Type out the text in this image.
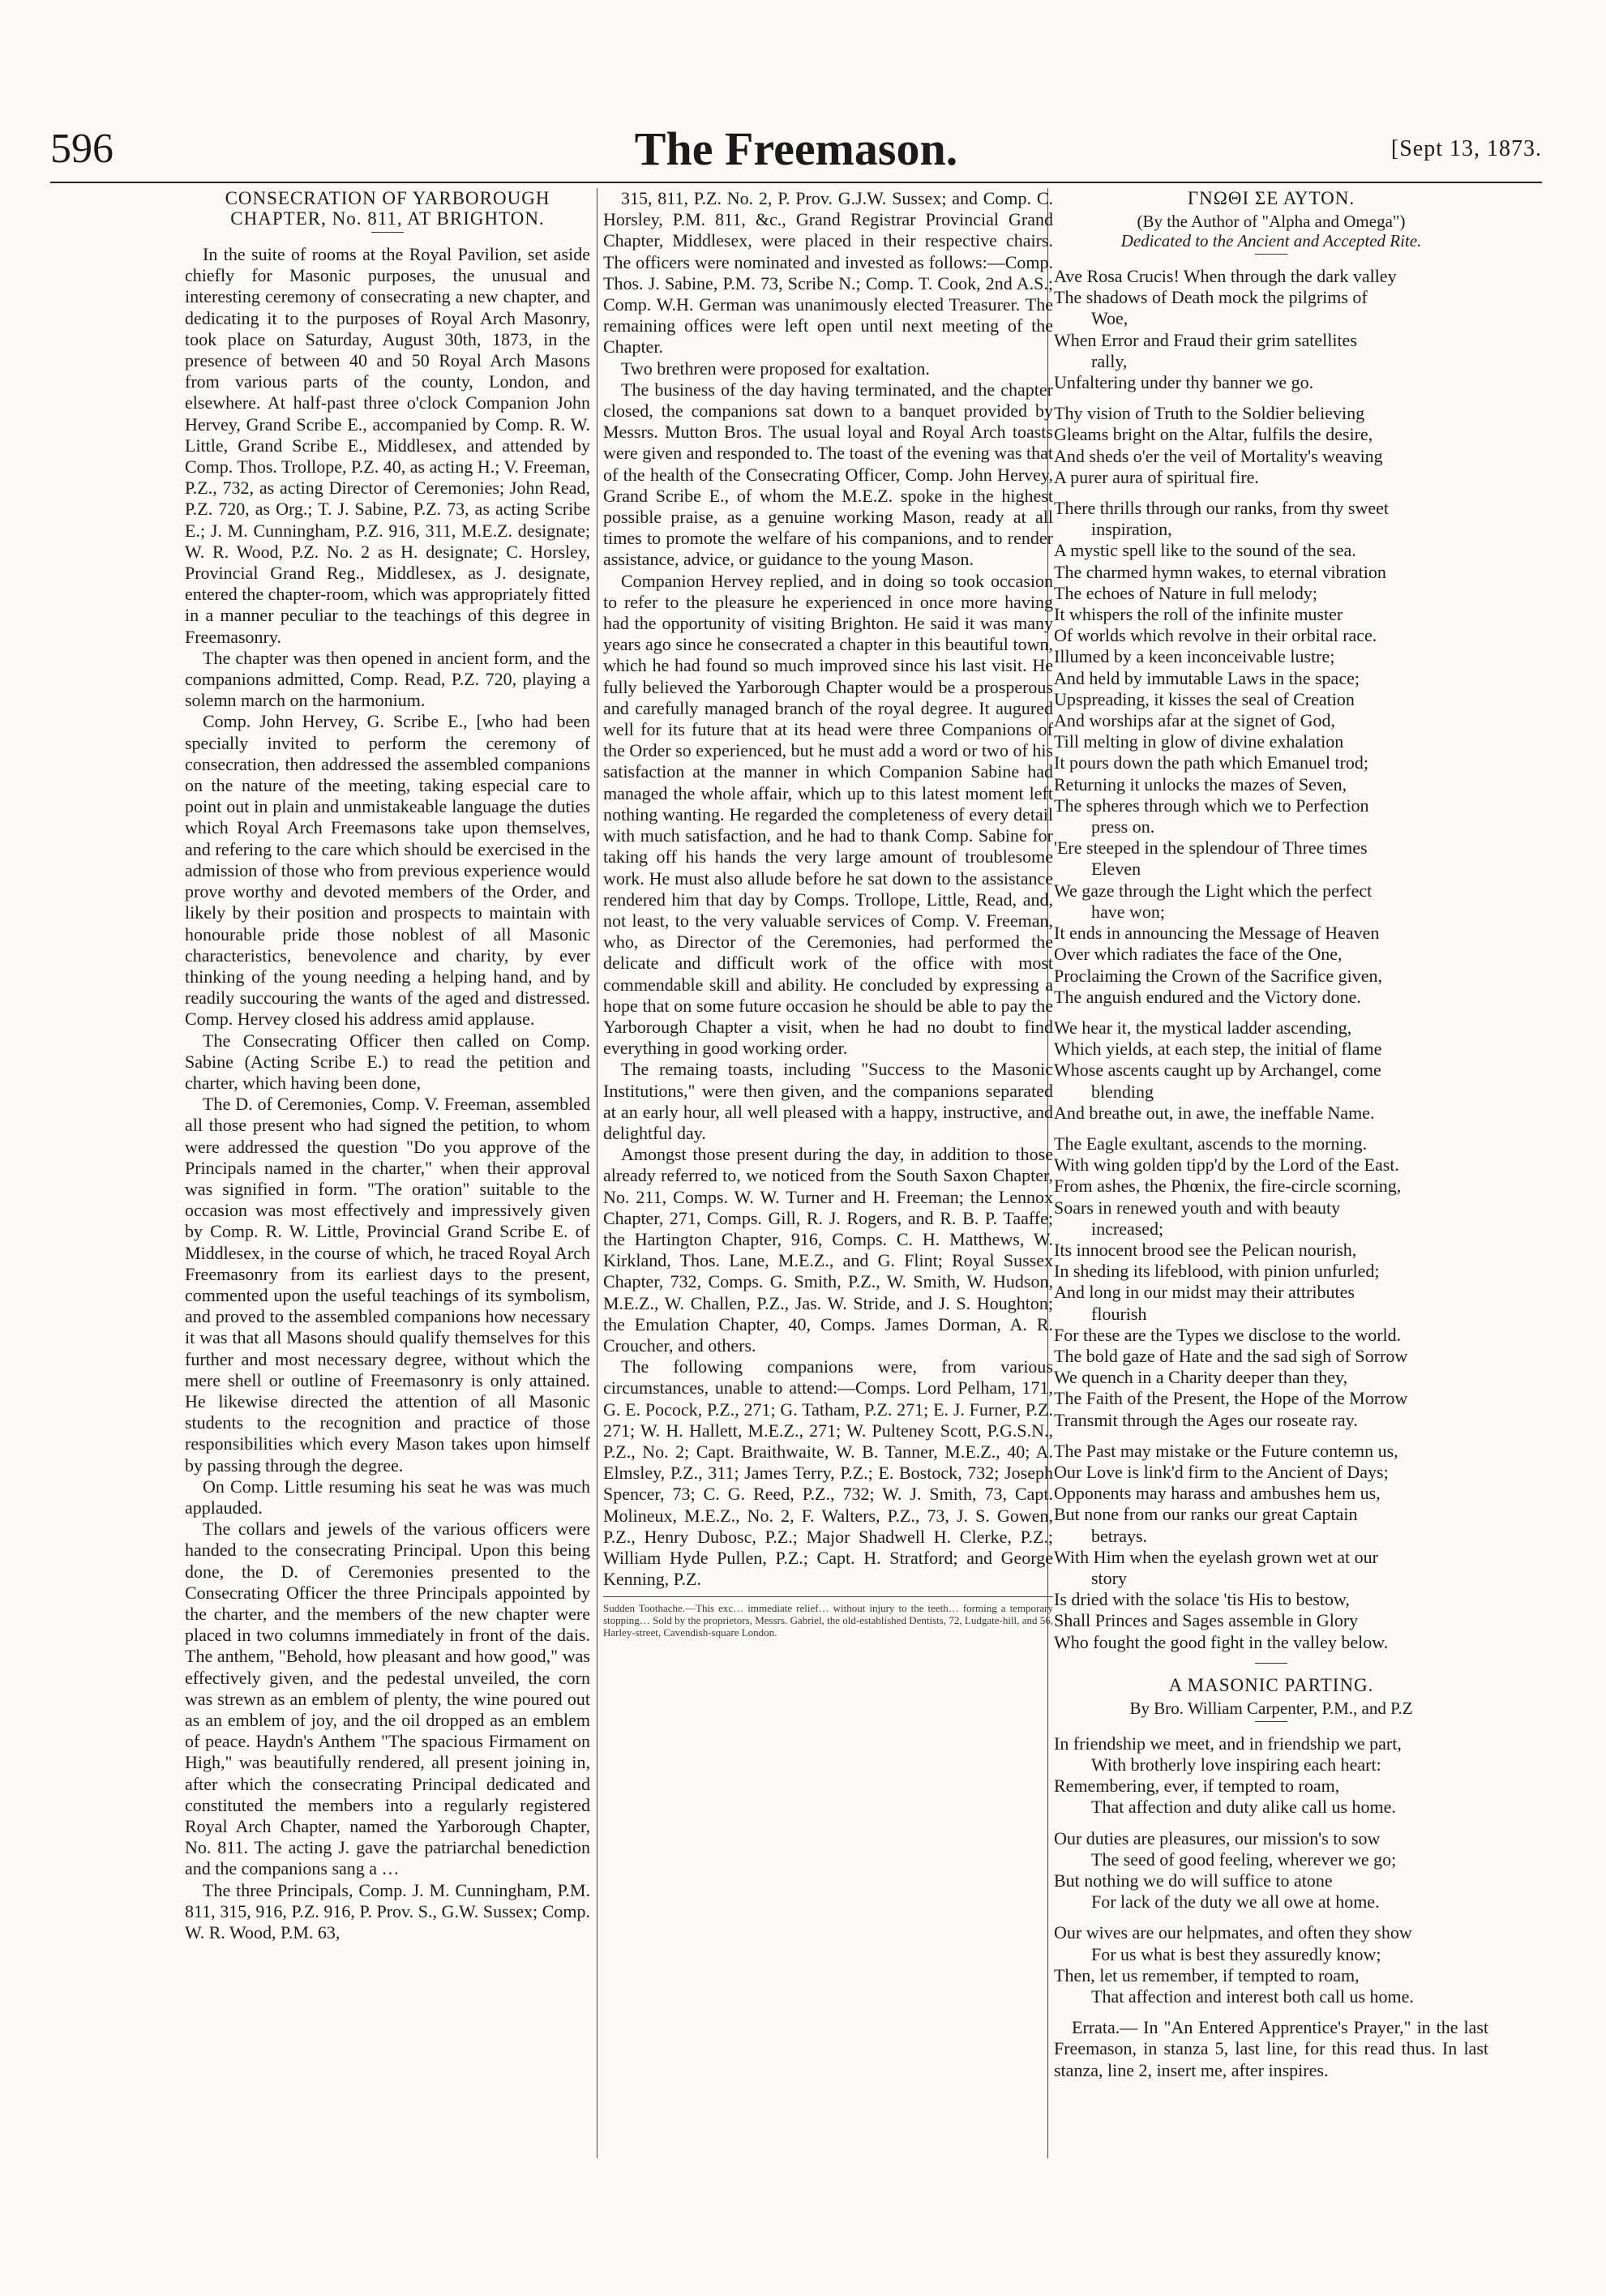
596	The Freemason.	[Sept 13, 1873.
CONSECRATION OF YARBOROUGH CHAPTER, No. 811, AT BRIGHTON.

In the suite of rooms at the Royal Pavilion, set aside chiefly for Masonic purposes, the unusual and interesting ceremony of consecrating a new chapter, and dedicating it to the purposes of Royal Arch Masonry, took place on Saturday, August 30th, 1873, in the presence of between 40 and 50 Royal Arch Masons from various parts of the county, London, and elsewhere. At half-past three o'clock Companion John Hervey, Grand Scribe E., accompanied by Comp. R. W. Little, Grand Scribe E., Middlesex, and attended by Comp. Thos. Trollope, P.Z. 40, as acting H.; V. Freeman, P.Z., 732, as acting Director of Ceremonies; John Read, P.Z. 720, as Org.; T. J. Sabine, P.Z. 73, as acting Scribe E.; J. M. Cunningham, P.Z. 916, 311, M.E.Z. designate; W. R. Wood, P.Z. No. 2 as H. designate; C. Horsley, Provincial Grand Reg., Middlesex, as J. designate, entered the chapter-room, which was appropriately fitted in a manner peculiar to the teachings of this degree in Freemasonry.

The chapter was then opened in ancient form, and the companions admitted, Comp. Read, P.Z. 720, playing a solemn march on the harmonium.

Comp. John Hervey, G. Scribe E., [who had been specially invited to perform the ceremony of consecration, then addressed the assembled companions on the nature of the meeting, taking especial care to point out in plain and unmistakeable language the duties which Royal Arch Freemasons take upon themselves, and refering to the care which should be exercised in the admission of those who from previous experience would prove worthy and devoted members of the Order, and likely by their position and prospects to maintain with honourable pride those noblest of all Masonic characteristics, benevolence and charity, by ever thinking of the young needing a helping hand, and by readily succouring the wants of the aged and distressed. Comp. Hervey closed his address amid applause.

The Consecrating Officer then called on Comp. Sabine (Acting Scribe E.) to read the petition and charter, which having been done,

The D. of Ceremonies, Comp. V. Freeman, assembled all those present who had signed the petition, to whom were addressed the question "Do you approve of the Principals named in the charter," when their approval was signified in form. "The oration" suitable to the occasion was most effectively and impressively given by Comp. R. W. Little, Provincial Grand Scribe E. of Middlesex, in the course of which, he traced Royal Arch Freemasonry from its earliest days to the present, commented upon the useful teachings of its symbolism, and proved to the assembled companions how necessary it was that all Masons should qualify themselves for this further and most necessary degree, without which the mere shell or outline of Freemasonry is only attained. He likewise directed the attention of all Masonic students to the recognition and practice of those responsibilities which every Mason takes upon himself by passing through the degree.

On Comp. Little resuming his seat he was was much applauded.

The collars and jewels of the various officers were handed to the consecrating Principal. Upon this being done, the D. of Ceremonies presented to the Consecrating Officer the three Principals appointed by the charter, and the members of the new chapter were placed in two columns immediately in front of the dais. The anthem, "Behold, how pleasant and how good," was effectively given, and the pedestal unveiled, the corn was strewn as an emblem of plenty, the wine poured out as an emblem of joy, and the oil dropped as an emblem of peace. Haydn's Anthem "The spacious Firmament on High," was beautifully rendered, all present joining in, after which the consecrating Principal dedicated and constituted the members into a regularly registered Royal Arch Chapter, named the Yarborough Chapter, No. 811. The acting J. gave the patriarchal benediction and the companions sang a …

The three Principals, Comp. J. M. Cunningham, P.M. 811, 315, 916, P.Z. 916, P. Prov. S., G.W. Sussex; Comp. W. R. Wood, P.M. 63,

315, 811, P.Z. No. 2, P. Prov. G.J.W. Sussex; and Comp. C. Horsley, P.M. 811, &c., Grand Registrar Provincial Grand Chapter, Middlesex, were placed in their respective chairs. The officers were nominated and invested as follows:—Comp. Thos. J. Sabine, P.M. 73, Scribe N.; Comp. T. Cook, 2nd A.S.; Comp. W.H. German was unanimously elected Treasurer. The remaining offices were left open until next meeting of the Chapter.

Two brethren were proposed for exaltation.

The business of the day having terminated, and the chapter closed, the companions sat down to a banquet provided by Messrs. Mutton Bros. The usual loyal and Royal Arch toasts were given and responded to. The toast of the evening was that of the health of the Consecrating Officer, Comp. John Hervey, Grand Scribe E., of whom the M.E.Z. spoke in the highest possible praise, as a genuine working Mason, ready at all times to promote the welfare of his companions, and to render assistance, advice, or guidance to the young Mason.

Companion Hervey replied, and in doing so took occasion to refer to the pleasure he experienced in once more having had the opportunity of visiting Brighton. He said it was many years ago since he consecrated a chapter in this beautiful town, which he had found so much improved since his last visit. He fully believed the Yarborough Chapter would be a prosperous and carefully managed branch of the royal degree. It augured well for its future that at its head were three Companions of the Order so experienced, but he must add a word or two of his satisfaction at the manner in which Companion Sabine had managed the whole affair, which up to this latest moment left nothing wanting. He regarded the completeness of every detail with much satisfaction, and he had to thank Comp. Sabine for taking off his hands the very large amount of troublesome work. He must also allude before he sat down to the assistance rendered him that day by Comps. Trollope, Little, Read, and, not least, to the very valuable services of Comp. V. Freeman, who, as Director of the Ceremonies, had performed the delicate and difficult work of the office with most commendable skill and ability. He concluded by expressing a hope that on some future occasion he should be able to pay the Yarborough Chapter a visit, when he had no doubt to find everything in good working order.

The remaing toasts, including "Success to the Masonic Institutions," were then given, and the companions separated at an early hour, all well pleased with a happy, instructive, and delightful day.

Amongst those present during the day, in addition to those already referred to, we noticed from the South Saxon Chapter, No. 211, Comps. W. W. Turner and H. Freeman; the Lennox Chapter, 271, Comps. Gill, R. J. Rogers, and R. B. P. Taaffe; the Hartington Chapter, 916, Comps. C. H. Matthews, W. Kirkland, Thos. Lane, M.E.Z., and G. Flint; Royal Sussex Chapter, 732, Comps. G. Smith, P.Z., W. Smith, W. Hudson, M.E.Z., W. Challen, P.Z., Jas. W. Stride, and J. S. Houghton; the Emulation Chapter, 40, Comps. James Dorman, A. R. Croucher, and others.

The following companions were, from various circumstances, unable to attend:—Comps. Lord Pelham, 171, G. E. Pocock, P.Z., 271; G. Tatham, P.Z. 271; E. J. Furner, P.Z. 271; W. H. Hallett, M.E.Z., 271; W. Pulteney Scott, P.G.S.N., P.Z., No. 2; Capt. Braithwaite, W. B. Tanner, M.E.Z., 40; A. Elmsley, P.Z., 311; James Terry, P.Z.; E. Bostock, 732; Joseph Spencer, 73; C. G. Reed, P.Z., 732; W. J. Smith, 73, Capt. Molineux, M.E.Z., No. 2, F. Walters, P.Z., 73, J. S. Gowen, P.Z., Henry Dubosc, P.Z.; Major Shadwell H. Clerke, P.Z.; William Hyde Pullen, P.Z.; Capt. H. Stratford; and George Kenning, P.Z.

Sudden Toothache.—This exc… immediate relief… without injury to the teeth… forming a temporary stopping… Sold by the proprietors, Messrs. Gabriel, the old-established Dentists, 72, Ludgate-hill, and 56, Harley-street, Cavendish-square London.
ΓΝΩΘΙ ΣΕ ΑΥΤΟΝ.
(By the Author of "Alpha and Omega")
Dedicated to the Ancient and Accepted Rite.

Ave Rosa Crucis! When through the dark valley

The shadows of Death mock the pilgrims of

Woe,

When Error and Fraud their grim satellites

rally,

Unfaltering under thy banner we go.

Thy vision of Truth to the Soldier believing

Gleams bright on the Altar, fulfils the desire,

And sheds o'er the veil of Mortality's weaving

A purer aura of spiritual fire.

There thrills through our ranks, from thy sweet

inspiration,

A mystic spell like to the sound of the sea.

The charmed hymn wakes, to eternal vibration

The echoes of Nature in full melody;

It whispers the roll of the infinite muster

Of worlds which revolve in their orbital race.

Illumed by a keen inconceivable lustre;

And held by immutable Laws in the space;

Upspreading, it kisses the seal of Creation

And worships afar at the signet of God,

Till melting in glow of divine exhalation

It pours down the path which Emanuel trod;

Returning it unlocks the mazes of Seven,

The spheres through which we to Perfection

press on.

'Ere steeped in the splendour of Three times

Eleven

We gaze through the Light which the perfect

have won;

It ends in announcing the Message of Heaven

Over which radiates the face of the One,

Proclaiming the Crown of the Sacrifice given,

The anguish endured and the Victory done.

We hear it, the mystical ladder ascending,

Which yields, at each step, the initial of flame

Whose ascents caught up by Archangel, come

blending

And breathe out, in awe, the ineffable Name.

The Eagle exultant, ascends to the morning.

With wing golden tipp'd by the Lord of the East.

From ashes, the Phœnix, the fire-circle scorning,

Soars in renewed youth and with beauty

increased;

Its innocent brood see the Pelican nourish,

In sheding its lifeblood, with pinion unfurled;

And long in our midst may their attributes

flourish

For these are the Types we disclose to the world.

The bold gaze of Hate and the sad sigh of Sorrow

We quench in a Charity deeper than they,

The Faith of the Present, the Hope of the Morrow

Transmit through the Ages our roseate ray.

The Past may mistake or the Future contemn us,

Our Love is link'd firm to the Ancient of Days;

Opponents may harass and ambushes hem us,

But none from our ranks our great Captain

betrays.

With Him when the eyelash grown wet at our

story

Is dried with the solace 'tis His to bestow,

Shall Princes and Sages assemble in Glory

Who fought the good fight in the valley below.

A MASONIC PARTING.
By Bro. William Carpenter, P.M., and P.Z

In friendship we meet, and in friendship we part,

With brotherly love inspiring each heart:

Remembering, ever, if tempted to roam,

That affection and duty alike call us home.

Our duties are pleasures, our mission's to sow

The seed of good feeling, wherever we go;

But nothing we do will suffice to atone

For lack of the duty we all owe at home.

Our wives are our helpmates, and often they show

For us what is best they assuredly know;

Then, let us remember, if tempted to roam,

That affection and interest both call us home.

Errata.— In "An Entered Apprentice's Prayer," in the last Freemason, in stanza 5, last line, for this read thus. In last stanza, line 2, insert me, after inspires.
